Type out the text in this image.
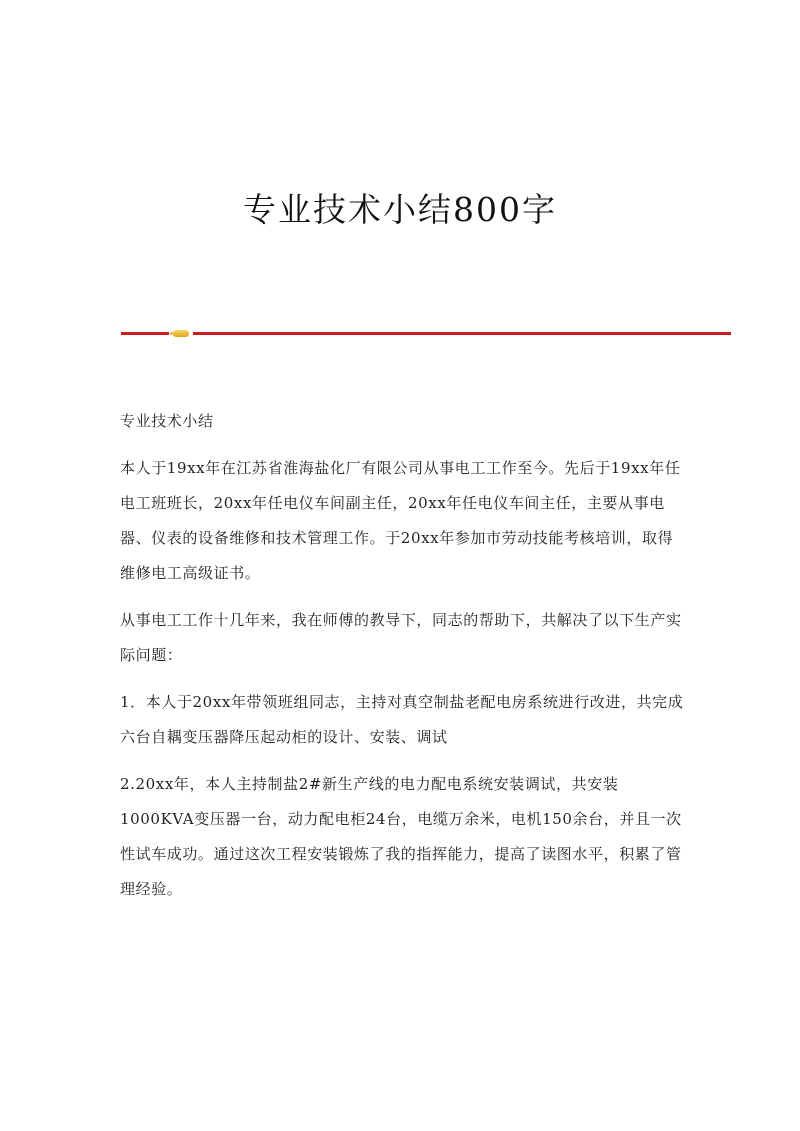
专业技术小结800字

专业技术小结

本人于19xx年在江苏省淮海盐化厂有限公司从事电工工作至今。先后于19xx年任电工班班长，20xx年任电仪车间副主任，20xx年任电仪车间主任，主要从事电器、仪表的设备维修和技术管理工作。于20xx年参加市劳动技能考核培训，取得维修电工高级证书。

从事电工工作十几年来，我在师傅的教导下，同志的帮助下，共解决了以下生产实际问题：

1．本人于20xx年带领班组同志，主持对真空制盐老配电房系统进行改进，共完成六台自耦变压器降压起动柜的设计、安装、调试

2.20xx年，本人主持制盐2#新生产线的电力配电系统安装调试，共安装1000KVA变压器一台，动力配电柜24台，电缆万余米，电机150余台，并且一次性试车成功。通过这次工程安装锻炼了我的指挥能力，提高了读图水平，积累了管理经验。
